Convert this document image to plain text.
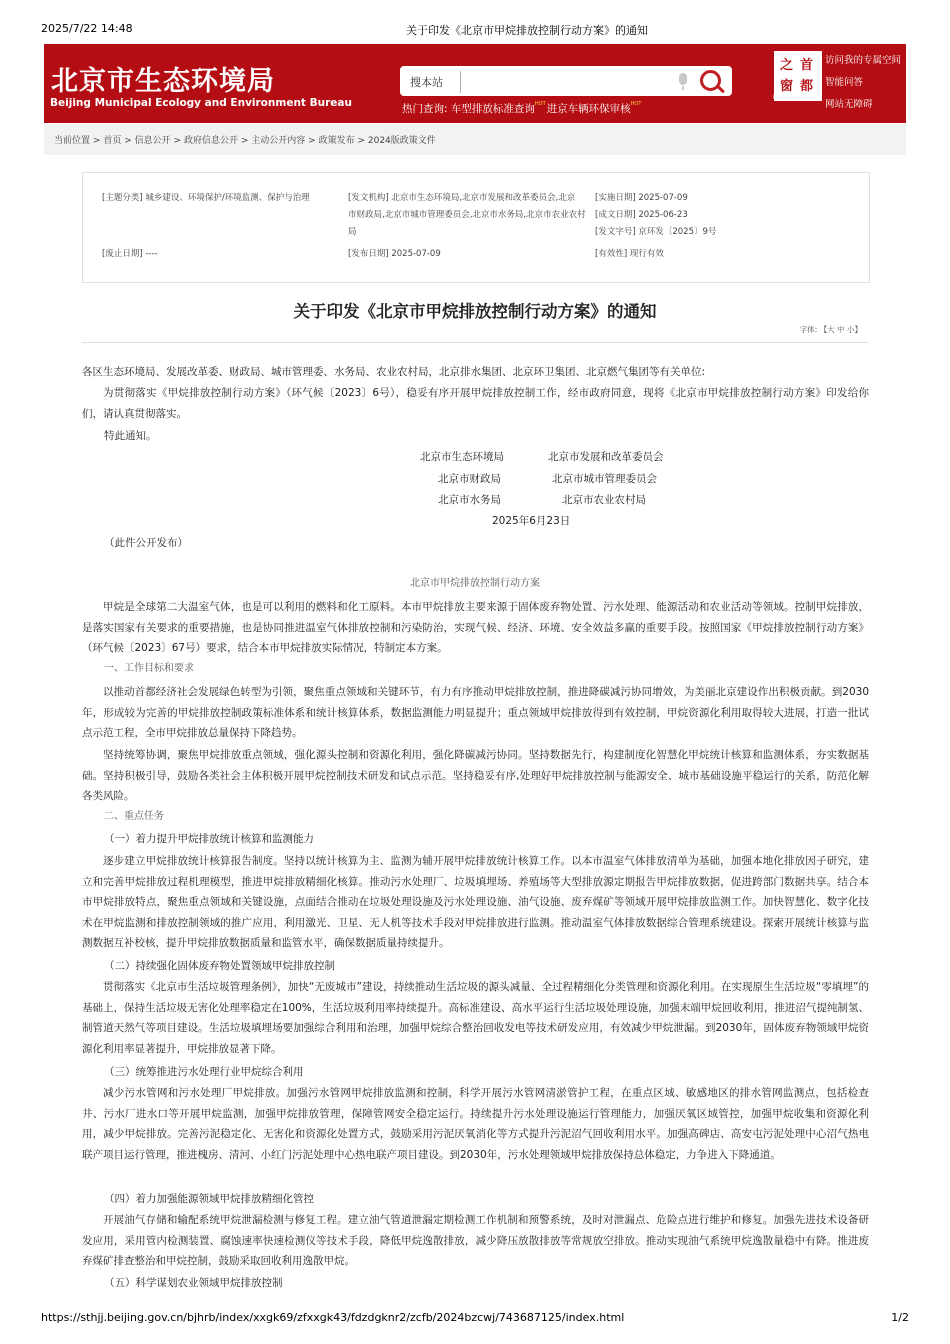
2025/7/22 14:48	关于印发《北京市甲烷排放控制行动方案》的通知
北京市生态环境局
Beijing Municipal Ecology and Environment Bureau
搜本站
热门查询: 车型排放标准查询$^{HOT}$进京车辆环保审核$^{HOT}$
首
都
之
窗
Beijing · China
访问我的专属空间
智能问答
网站无障碍
当前位置 > 首页 > 信息公开 > 政府信息公开 > 主动公开内容 > 政策发布 > 2024版政策文件
[主题分类] 城乡建设、环境保护/环境监测、保护与治理	[发文机构] 北京市生态环境局,北京市发展和改革委员会,北京
市财政局,北京市城市管理委员会,北京市水务局,北京市农业农村
局
[实施日期] 2025-07-09
[成文日期] 2025-06-23
[发文字号] 京环发〔2025〕9号
[废止日期] ----	[发布日期] 2025-07-09	[有效性] 现行有效
关于印发《北京市甲烷排放控制行动方案》的通知
字体: 【大 中 小】
各区生态环境局、发展改革委、财政局、城市管理委、水务局、农业农村局，北京排水集团、北京环卫集团、北京燃气集团等有关单位:
为贯彻落实《甲烷排放控制行动方案》（环气候〔2023〕6号），稳妥有序开展甲烷排放控制工作，经市政府同意，现将《北京市甲烷排放控制行动方案》印发给你们，请认真贯彻落实。
特此通知。
北京市生态环境局	北京市发展和改革委员会
北京市财政局	北京市城市管理委员会
北京市水务局	北京市农业农村局
2025年6月23日
（此件公开发布）
北京市甲烷排放控制行动方案
甲烷是全球第二大温室气体，也是可以利用的燃料和化工原料。本市甲烷排放主要来源于固体废弃物处置、污水处理、能源活动和农业活动等领域。控制甲烷排放，是落实国家有关要求的重要措施，也是协同推进温室气体排放控制和污染防治，实现气候、经济、环境、安全效益多赢的重要手段。按照国家《甲烷排放控制行动方案》（环气候〔2023〕67号）要求，结合本市甲烷排放实际情况，特制定本方案。
一、工作目标和要求
以推动首都经济社会发展绿色转型为引领，聚焦重点领域和关键环节，有力有序推动甲烷排放控制，推进降碳减污协同增效，为美丽北京建设作出积极贡献。到2030年，形成较为完善的甲烷排放控制政策标准体系和统计核算体系，数据监测能力明显提升；重点领域甲烷排放得到有效控制，甲烷资源化利用取得较大进展，打造一批试点示范工程，全市甲烷排放总量保持下降趋势。
坚持统筹协调，聚焦甲烷排放重点领域，强化源头控制和资源化利用，强化降碳减污协同。坚持数据先行，构建制度化智慧化甲烷统计核算和监测体系，夯实数据基础。坚持积极引导，鼓励各类社会主体积极开展甲烷控制技术研发和试点示范。坚持稳妥有序,处理好甲烷排放控制与能源安全、城市基础设施平稳运行的关系，防范化解各类风险。
二、重点任务
（一）着力提升甲烷排放统计核算和监测能力
逐步建立甲烷排放统计核算报告制度。坚持以统计核算为主、监测为辅开展甲烷排放统计核算工作。以本市温室气体排放清单为基础，加强本地化排放因子研究，建立和完善甲烷排放过程机理模型，推进甲烷排放精细化核算。推动污水处理厂、垃圾填埋场、养殖场等大型排放源定期报告甲烷排放数据，促进跨部门数据共享。结合本市甲烷排放特点，聚焦重点领域和关键设施，点面结合推动在垃圾处理设施及污水处理设施、油气设施、废弃煤矿等领域开展甲烷排放监测工作。加快智慧化、数字化技术在甲烷监测和排放控制领域的推广应用，利用激光、卫星、无人机等技术手段对甲烷排放进行监测。推动温室气体排放数据综合管理系统建设。探索开展统计核算与监测数据互补校核，提升甲烷排放数据质量和监管水平，确保数据质量持续提升。
（二）持续强化固体废弃物处置领域甲烷排放控制
贯彻落实《北京市生活垃圾管理条例》，加快“无废城市”建设，持续推动生活垃圾的源头减量、全过程精细化分类管理和资源化利用。在实现原生生活垃圾“零填埋”的基础上，保持生活垃圾无害化处理率稳定在100%，生活垃圾利用率持续提升。高标准建设、高水平运行生活垃圾处理设施，加强末端甲烷回收利用，推进沼气提纯制氢、制管道天然气等项目建设。生活垃圾填埋场要加强综合利用和治理，加强甲烷综合整治回收发电等技术研发应用，有效减少甲烷泄漏。到2030年，固体废弃物领域甲烷资源化利用率显著提升，甲烷排放显著下降。
（三）统筹推进污水处理行业甲烷综合利用
减少污水管网和污水处理厂甲烷排放。加强污水管网甲烷排放监测和控制，科学开展污水管网清淤管护工程，在重点区域、敏感地区的排水管网监测点，包括检查井、污水厂进水口等开展甲烷监测，加强甲烷排放管理，保障管网安全稳定运行。持续提升污水处理设施运行管理能力，加强厌氧区域管控，加强甲烷收集和资源化利用，减少甲烷排放。完善污泥稳定化、无害化和资源化处置方式，鼓励采用污泥厌氧消化等方式提升污泥沼气回收利用水平。加强高碑店、高安屯污泥处理中心沼气热电联产项目运行管理，推进槐房、清河、小红门污泥处理中心热电联产项目建设。到2030年，污水处理领域甲烷排放保持总体稳定，力争进入下降通道。
（四）着力加强能源领域甲烷排放精细化管控
开展油气存储和输配系统甲烷泄漏检测与修复工程。建立油气管道泄漏定期检测工作机制和预警系统，及时对泄漏点、危险点进行维护和修复。加强先进技术设备研发应用，采用管内检测装置、腐蚀速率快速检测仪等技术手段，降低甲烷逸散排放，减少降压放散排放等常规放空排放。推动实现油气系统甲烷逸散量稳中有降。推进废弃煤矿排查整治和甲烷控制，鼓励采取回收利用逸散甲烷。
（五）科学谋划农业领域甲烷排放控制
https://sthjj.beijing.gov.cn/bjhrb/index/xxgk69/zfxxgk43/fdzdgknr2/zcfb/2024bzcwj/743687125/index.html	1/2
